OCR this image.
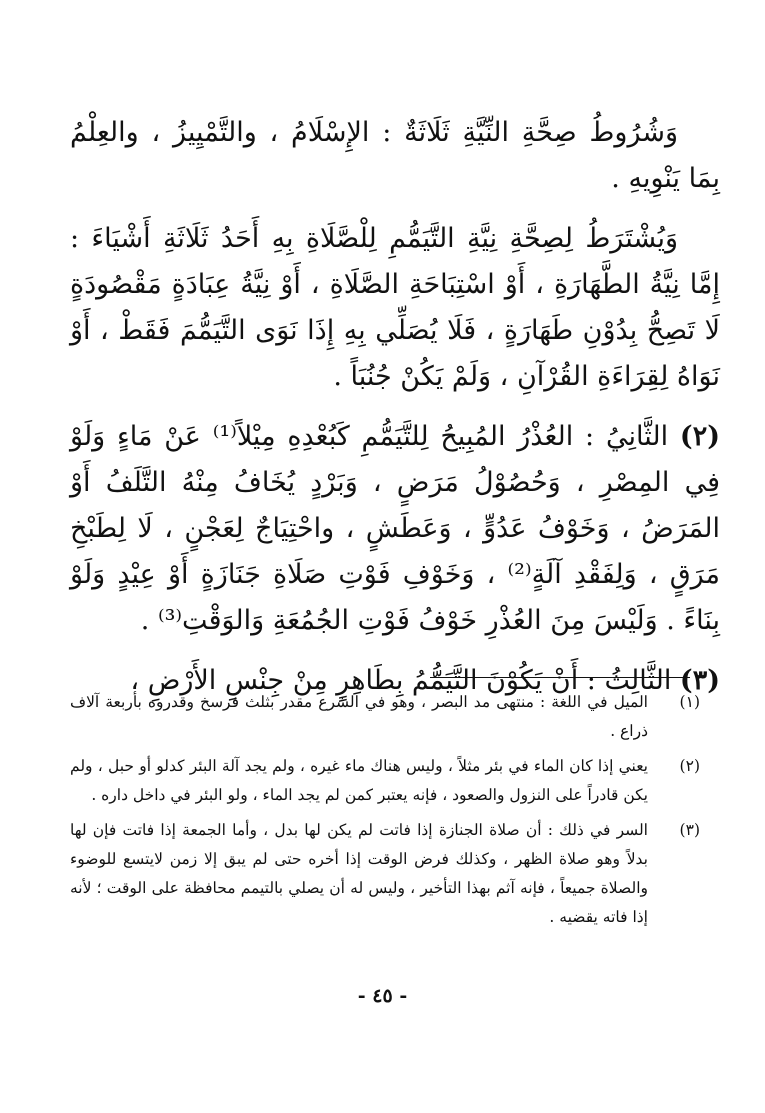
وَشُرُوطُ صِحَّةِ النِّيَّةِ ثَلَاثَةٌ : الإِسْلَامُ ، والتَّمْيِيزُ ، والعِلْمُ بِمَا يَنْوِيهِ .

وَيُشْتَرَطُ لِصِحَّةِ نِيَّةِ التَّيَمُّمِ لِلْصَّلَاةِ بِهِ أَحَدُ ثَلَاثَةِ أَشْيَاءَ : إِمَّا نِيَّةُ الطَّهَارَةِ ، أَوْ اسْتِبَاحَةِ الصَّلَاةِ ، أَوْ نِيَّةُ عِبَادَةٍ مَقْصُودَةٍ لَا تَصِحُّ بِدُوْنِ طَهَارَةٍ ، فَلَا يُصَلِّي بِهِ إِذَا نَوَى التَّيَمُّمَ فَقَطْ ، أَوْ نَوَاهُ لِقِرَاءَةِ القُرْآنِ ، وَلَمْ يَكُنْ جُنُبَاً .

(٢) الثَّانِيُ : العُذْرُ المُبِيحُ لِلتَّيَمُّمِ كَبُعْدِهِ مِيْلاً⁽¹⁾ عَنْ مَاءٍ وَلَوْ فِي المِصْرِ ، وَحُصُوْلُ مَرَضٍ ، وَبَرْدٍ يُخَافُ مِنْهُ التَّلَفُ أَوْ المَرَضُ ، وَخَوْفُ عَدُوٍّ ، وَعَطَشٍ ، واحْتِيَاجٌ لِعَجْنٍ ، لَا لِطَبْخِ مَرَقٍ ، وَلِفَقْدِ آلَةٍ⁽²⁾ ، وَخَوْفِ فَوْتِ صَلَاةِ جَنَازَةٍ أَوْ عِيْدٍ وَلَوْ بِنَاءً . وَلَيْسَ مِنَ العُذْرِ خَوْفُ فَوْتِ الجُمُعَةِ وَالوَقْتِ⁽³⁾ .

(٣) الثَّالِثُ : أَنْ يَكُوْنَ التَّيَمُّمُ بِطَاهِرٍ مِنْ جِنْسِ الأَرْضِ ،

(١)
الميل في اللغة : منتهى مد البصر ، وهو في الشرع مقدر بثلث فرسخ وقدروه بأربعة آلاف ذراع .
(٢)
يعني إذا كان الماء في بئر مثلاً ، وليس هناك ماء غيره ، ولم يجد آلة البئر كدلو أو حبل ، ولم يكن قادراً على النزول والصعود ، فإنه يعتبر كمن لم يجد الماء ، ولو البئر في داخل داره .
(٣)
السر في ذلك : أن صلاة الجنازة إذا فاتت لم يكن لها بدل ، وأما الجمعة إذا فاتت فإن لها بدلاً وهو صلاة الظهر ، وكذلك فرض الوقت إذا أخره حتى لم يبق إلا زمن لايتسع للوضوء والصلاة جميعاً ، فإنه آثم بهذا التأخير ، وليس له أن يصلي بالتيمم محافظة على الوقت ؛ لأنه إذا فاته يقضيه .
- ٤٥ -
